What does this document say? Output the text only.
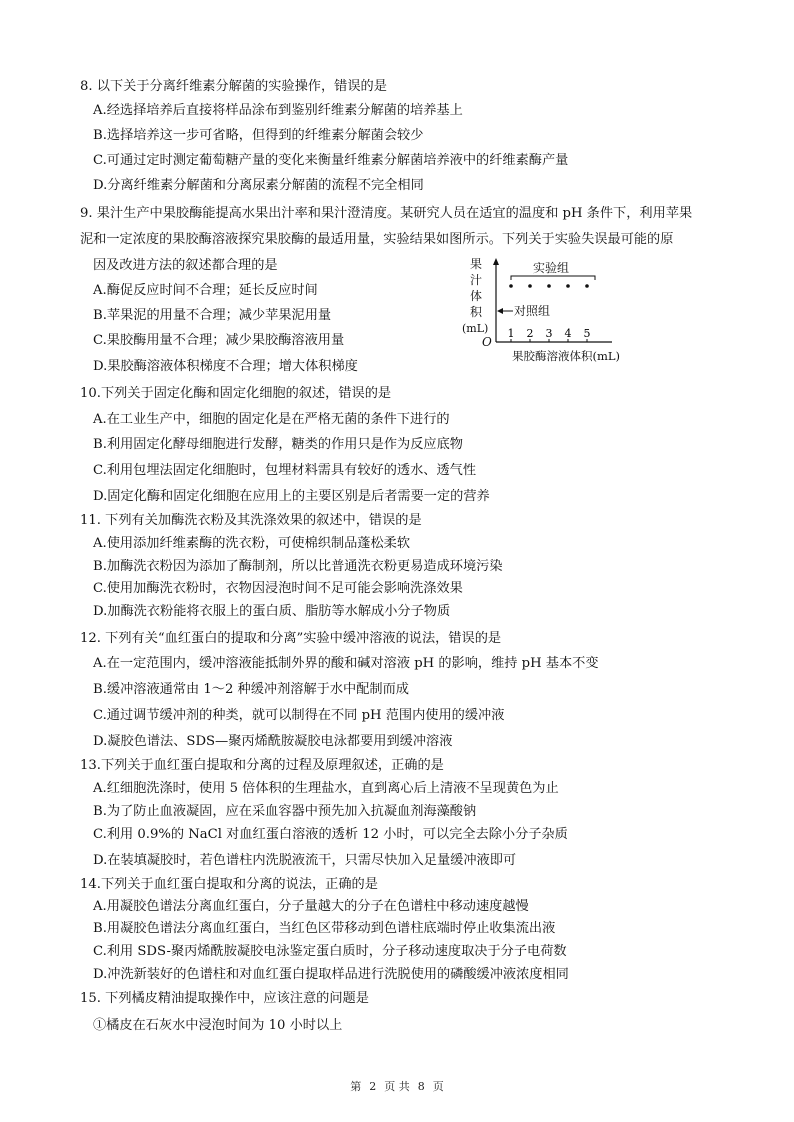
8. 以下关于分离纤维素分解菌的实验操作，错误的是
A.经选择培养后直接将样品涂布到鉴别纤维素分解菌的培养基上
B.选择培养这一步可省略，但得到的纤维素分解菌会较少
C.可通过定时测定葡萄糖产量的变化来衡量纤维素分解菌培养液中的纤维素酶产量
D.分离纤维素分解菌和分离尿素分解菌的流程不完全相同
9. 果汁生产中果胶酶能提高水果出汁率和果汁澄清度。某研究人员在适宜的温度和 pH 条件下，利用苹果
泥和一定浓度的果胶酶溶液探究果胶酶的最适用量，实验结果如图所示。下列关于实验失误最可能的原
因及改进方法的叙述都合理的是
A.酶促反应时间不合理；延长反应时间
B.苹果泥的用量不合理；减少苹果泥用量
C.果胶酶用量不合理；减少果胶酶溶液用量
D.果胶酶溶液体积梯度不合理；增大体积梯度
果
汁
体
积
(mL)
O
果胶酶溶液体积(mL)
实验组
对照组
1 2 3 4 5
10.下列关于固定化酶和固定化细胞的叙述，错误的是
A.在工业生产中，细胞的固定化是在严格无菌的条件下进行的
B.利用固定化酵母细胞进行发酵，糖类的作用只是作为反应底物
C.利用包埋法固定化细胞时，包埋材料需具有较好的透水、透气性
D.固定化酶和固定化细胞在应用上的主要区别是后者需要一定的营养
11. 下列有关加酶洗衣粉及其洗涤效果的叙述中，错误的是
A.使用添加纤维素酶的洗衣粉，可使棉织制品蓬松柔软
B.加酶洗衣粉因为添加了酶制剂，所以比普通洗衣粉更易造成环境污染
C.使用加酶洗衣粉时，衣物因浸泡时间不足可能会影响洗涤效果
D.加酶洗衣粉能将衣服上的蛋白质、脂肪等水解成小分子物质
12. 下列有关“血红蛋白的提取和分离”实验中缓冲溶液的说法，错误的是
A.在一定范围内，缓冲溶液能抵制外界的酸和碱对溶液 pH 的影响，维持 pH 基本不变
B.缓冲溶液通常由 1～2 种缓冲剂溶解于水中配制而成
C.通过调节缓冲剂的种类，就可以制得在不同 pH 范围内使用的缓冲液
D.凝胶色谱法、SDS—聚丙烯酰胺凝胶电泳都要用到缓冲溶液
13.下列关于血红蛋白提取和分离的过程及原理叙述，正确的是
A.红细胞洗涤时，使用 5 倍体积的生理盐水，直到离心后上清液不呈现黄色为止
B.为了防止血液凝固，应在采血容器中预先加入抗凝血剂海藻酸钠
C.利用 0.9%的 NaCl 对血红蛋白溶液的透析 12 小时，可以完全去除小分子杂质
D.在装填凝胶时，若色谱柱内洗脱液流干，只需尽快加入足量缓冲液即可
14.下列关于血红蛋白提取和分离的说法，正确的是
A.用凝胶色谱法分离血红蛋白，分子量越大的分子在色谱柱中移动速度越慢
B.用凝胶色谱法分离血红蛋白，当红色区带移动到色谱柱底端时停止收集流出液
C.利用 SDS-聚丙烯酰胺凝胶电泳鉴定蛋白质时，分子移动速度取决于分子电荷数
D.冲洗新装好的色谱柱和对血红蛋白提取样品进行洗脱使用的磷酸缓冲液浓度相同
15. 下列橘皮精油提取操作中，应该注意的问题是
①橘皮在石灰水中浸泡时间为 10 小时以上
第 2 页 共 8 页
